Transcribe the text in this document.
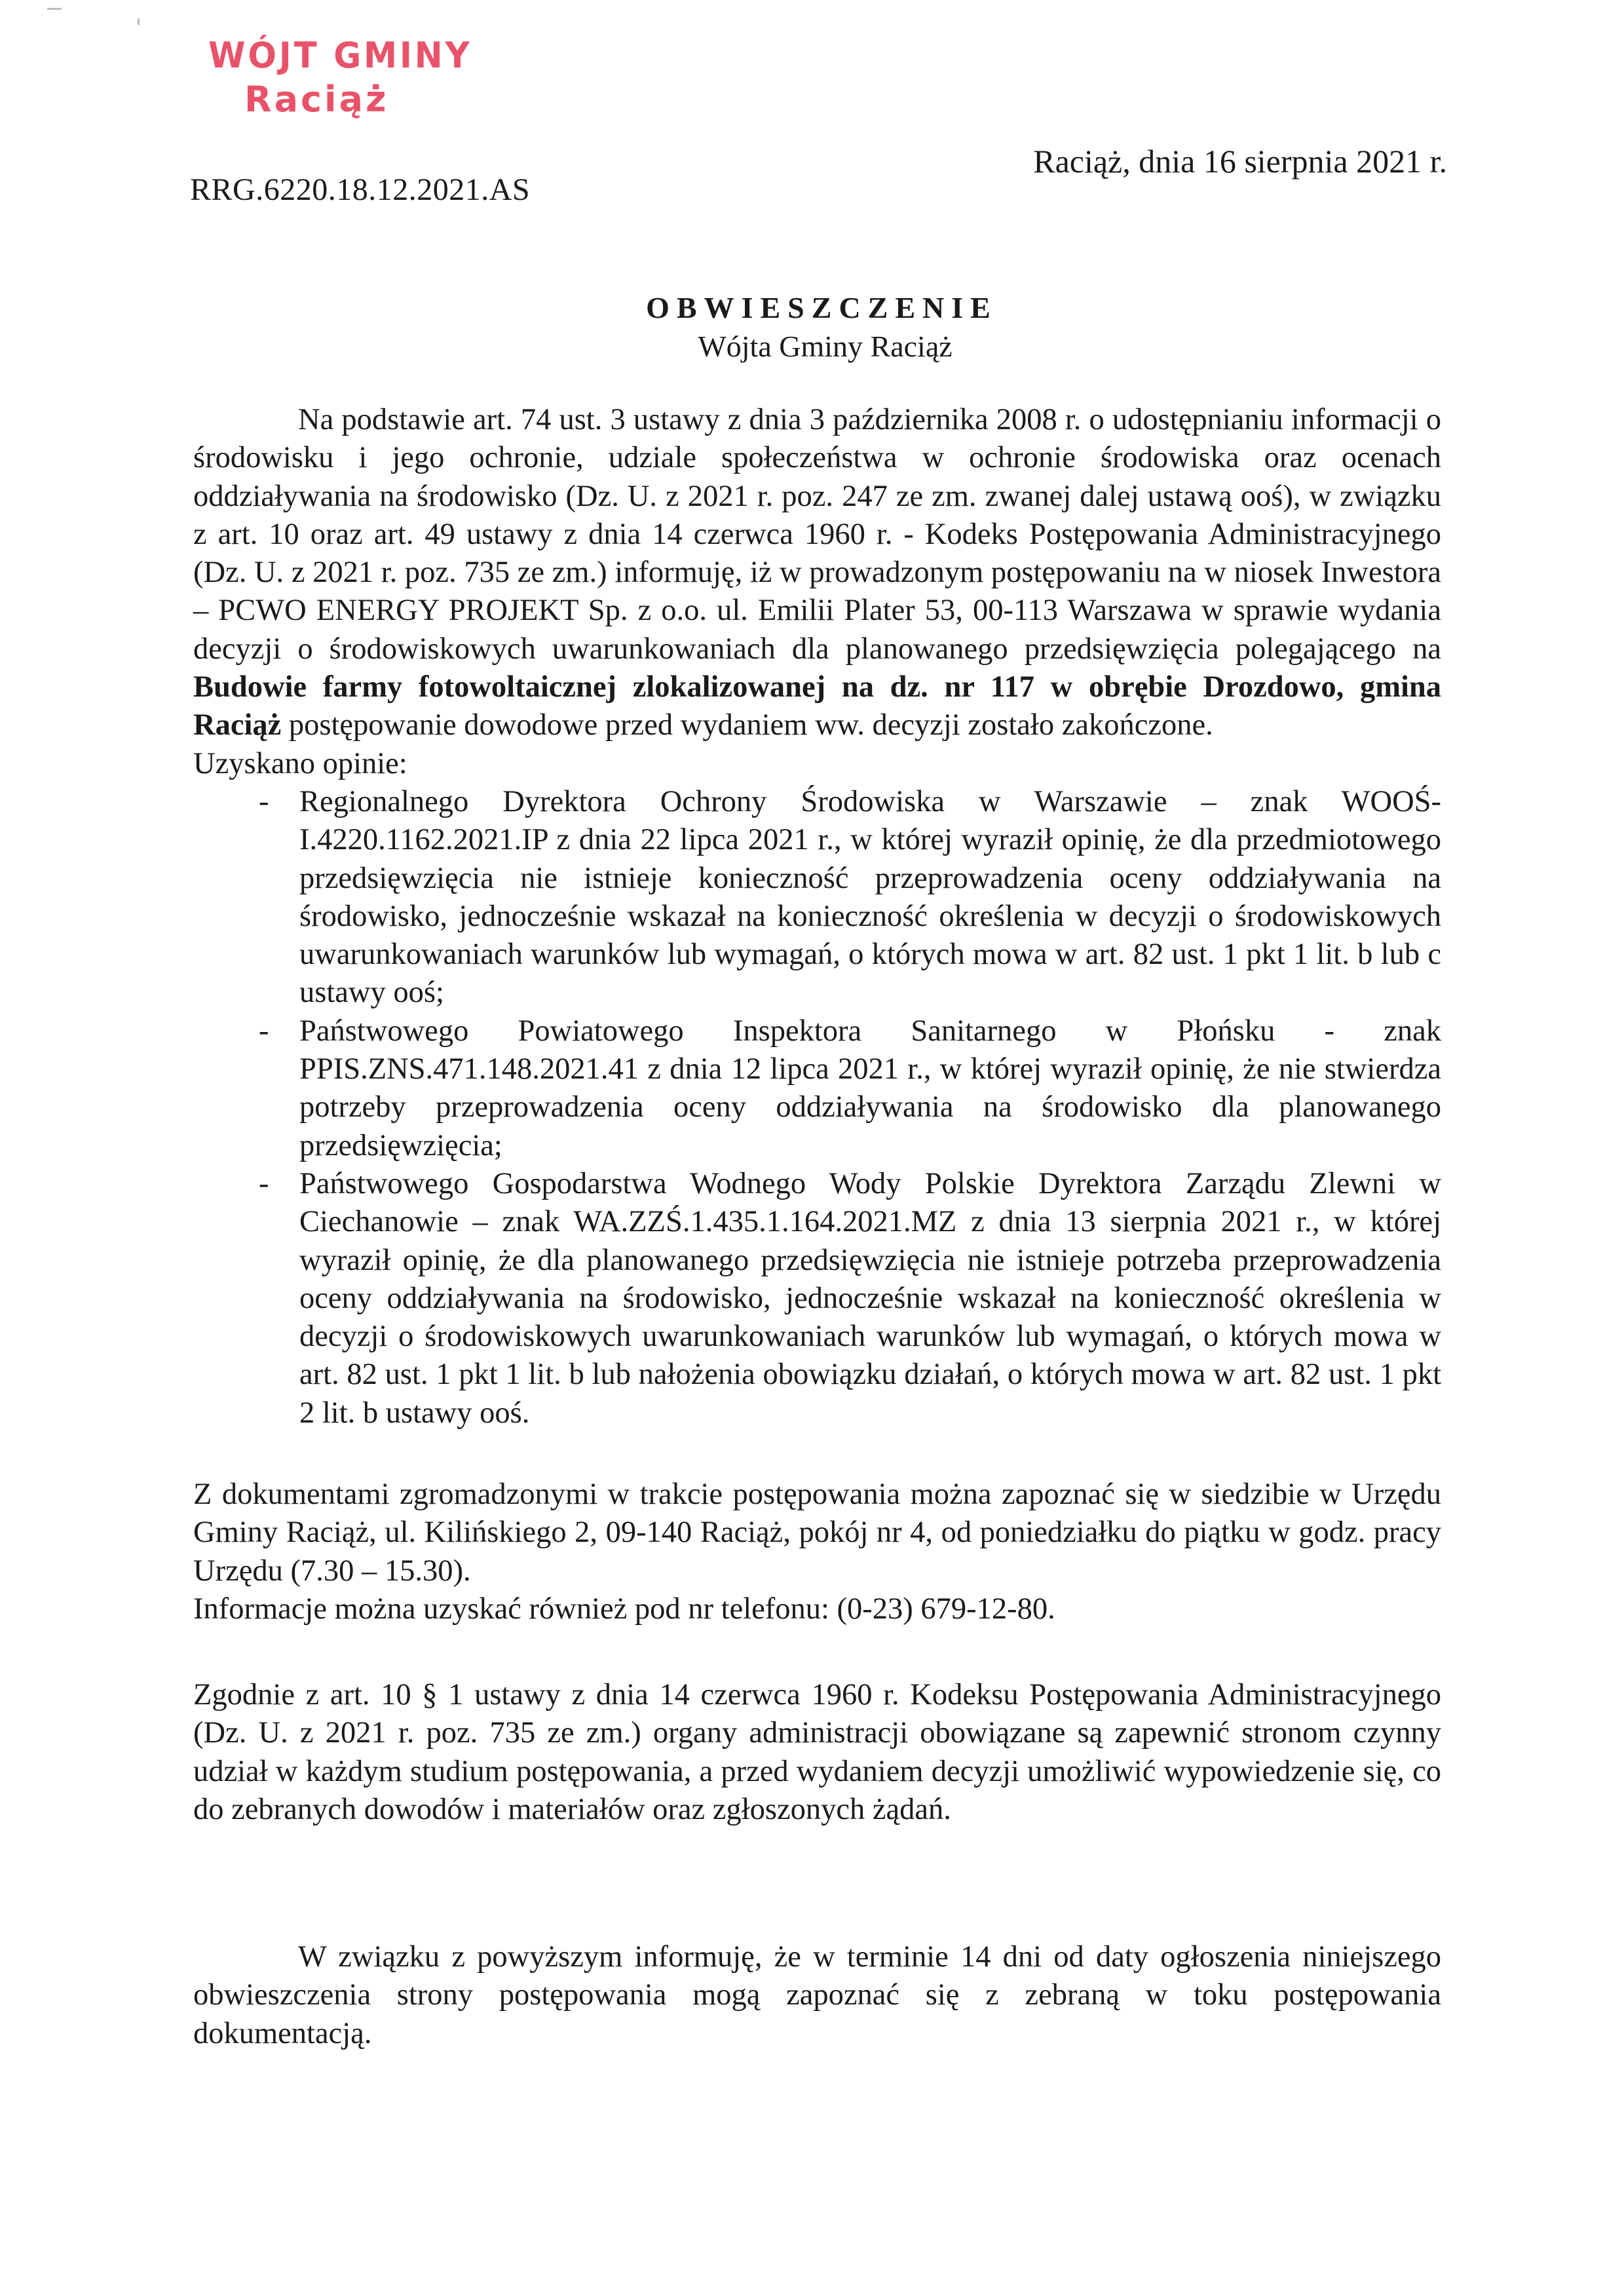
WÓJT GMINY
Raciąż
RRG.6220.18.12.2021.AS
Raciąż, dnia 16 sierpnia 2021 r.
OBWIESZCZENIE
Wójta Gminy Raciąż

Na podstawie art. 74 ust. 3 ustawy z dnia 3 października 2008 r. o udostępnianiu informacji o środowisku i jego ochronie, udziale społeczeństwa w ochronie środowiska oraz ocenach oddziaływania na środowisko (Dz. U. z 2021 r. poz. 247 ze zm. zwanej dalej ustawą ooś), w związku z art. 10 oraz art. 49 ustawy z dnia 14 czerwca 1960 r. - Kodeks Postępowania Administracyjnego (Dz. U. z 2021 r. poz. 735 ze zm.) informuję, iż w prowadzonym postępowaniu na w niosek Inwestora – PCWO ENERGY PROJEKT Sp. z o.o. ul. Emilii Plater 53, 00-113 Warszawa w sprawie wydania decyzji o środowiskowych uwarunkowaniach dla planowanego przedsięwzięcia polegającego na Budowie farmy fotowoltaicznej zlokalizowanej na dz. nr 117 w obrębie Drozdowo, gmina Raciąż postępowanie dowodowe przed wydaniem ww. decyzji zostało zakończone.

Uzyskano opinie:

- Regionalnego Dyrektora Ochrony Środowiska w Warszawie – znak WOOŚ-I.4220.1162.2021.IP z dnia 22 lipca 2021 r., w której wyraził opinię, że dla przedmiotowego przedsięwzięcia nie istnieje konieczność przeprowadzenia oceny oddziaływania na środowisko, jednocześnie wskazał na konieczność określenia w decyzji o środowiskowych uwarunkowaniach warunków lub wymagań, o których mowa w art. 82 ust. 1 pkt 1 lit. b lub c ustawy ooś;
- Państwowego Powiatowego Inspektora Sanitarnego w Płońsku - znak PPIS.ZNS.471.148.2021.41 z dnia 12 lipca 2021 r., w której wyraził opinię, że nie stwierdza potrzeby przeprowadzenia oceny oddziaływania na środowisko dla planowanego przedsięwzięcia;
- Państwowego Gospodarstwa Wodnego Wody Polskie Dyrektora Zarządu Zlewni w Ciechanowie – znak WA.ZZŚ.1.435.1.164.2021.MZ z dnia 13 sierpnia 2021 r., w której wyraził opinię, że dla planowanego przedsięwzięcia nie istnieje potrzeba przeprowadzenia oceny oddziaływania na środowisko, jednocześnie wskazał na konieczność określenia w decyzji o środowiskowych uwarunkowaniach warunków lub wymagań, o których mowa w art. 82 ust. 1 pkt 1 lit. b lub nałożenia obowiązku działań, o których mowa w art. 82 ust. 1 pkt 2 lit. b ustawy ooś.

Z dokumentami zgromadzonymi w trakcie postępowania można zapoznać się w siedzibie w Urzędu Gminy Raciąż, ul. Kilińskiego 2, 09-140 Raciąż, pokój nr 4, od poniedziałku do piątku w godz. pracy Urzędu (7.30 – 15.30).

Informacje można uzyskać również pod nr telefonu: (0-23) 679-12-80.

Zgodnie z art. 10 § 1 ustawy z dnia 14 czerwca 1960 r. Kodeksu Postępowania Administracyjnego (Dz. U. z 2021 r. poz. 735 ze zm.) organy administracji obowiązane są zapewnić stronom czynny udział w każdym studium postępowania, a przed wydaniem decyzji umożliwić wypowiedzenie się, co do zebranych dowodów i materiałów oraz zgłoszonych żądań.

W związku z powyższym informuję, że w terminie 14 dni od daty ogłoszenia niniejszego obwieszczenia strony postępowania mogą zapoznać się z zebraną w toku postępowania dokumentacją.
